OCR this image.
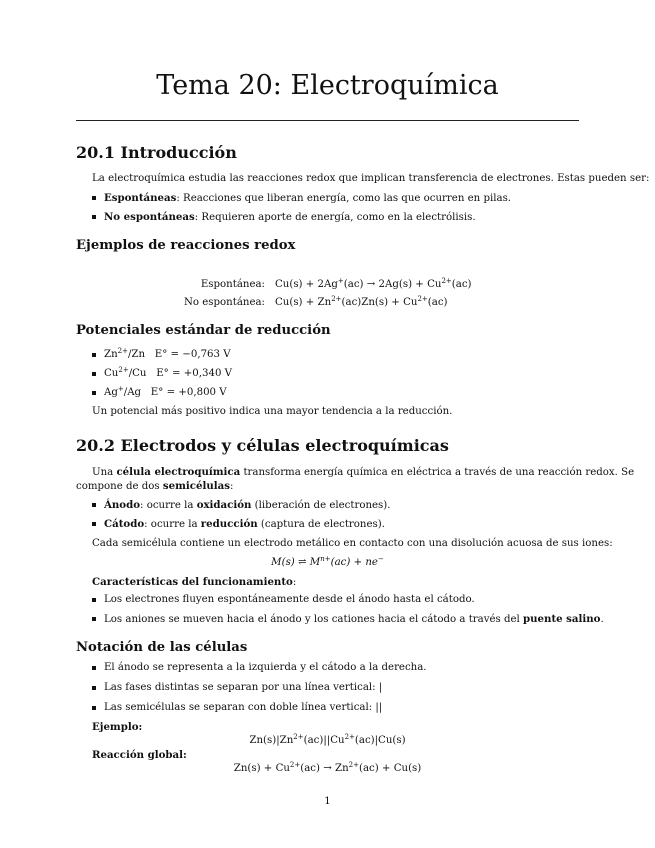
Tema 20: Electroquímica
20.1 Introducción
La electroquímica estudia las reacciones redox que implican transferencia de electrones. Estas pueden ser:
Espontáneas: Reacciones que liberan energía, como las que ocurren en pilas.
No espontáneas: Requieren aporte de energía, como en la electrólisis.
Ejemplos de reacciones redox
Espontánea: $Cu(s) + 2Ag^+(ac) \to 2Ag(s) + Cu^{2+}(ac)$
No espontánea: $Cu(s) + Zn^{2+}(ac)Zn(s) + Cu^{2+}(ac)$
Potenciales estándar de reducción
$Zn^{2+}/Zn$ E° = −0,763 V
$Cu^{2+}/Cu$ E° = +0,340 V
Ag+/Ag E° = +0,800 V
Un potencial más positivo indica una mayor tendencia a la reducción.
20.2 Electrodos y células electroquímicas
Una célula electroquímica transforma energía química en eléctrica a través de una reacción redox. Se
compone de dos semicélulas:
Ánodo: ocurre la oxidación (liberación de electrones).
Cátodo: ocurre la reducción (captura de electrones).
Cada semicélula contiene un electrodo metálico en contacto con una disolución acuosa de sus iones:
M(s) ⇌ $M^{n+}(ac) + ne^-$
Características del funcionamiento:
Los electrones fluyen espontáneamente desde el ánodo hasta el cátodo.
Los aniones se mueven hacia el ánodo y los cationes hacia el cátodo a través del puente salino.
Notación de las células
El ánodo se representa a la izquierda y el cátodo a la derecha.
Las fases distintas se separan por una línea vertical: |
Las semicélulas se separan con doble línea vertical: ||
Ejemplo:
$Zn(s)|Zn^{2+}(ac)||Cu^{2+}(ac)|Cu(s)$
Reacción global:
$Zn(s) + Cu^{2+}(ac) \to Zn^{2+}(ac) + Cu(s)$
1
